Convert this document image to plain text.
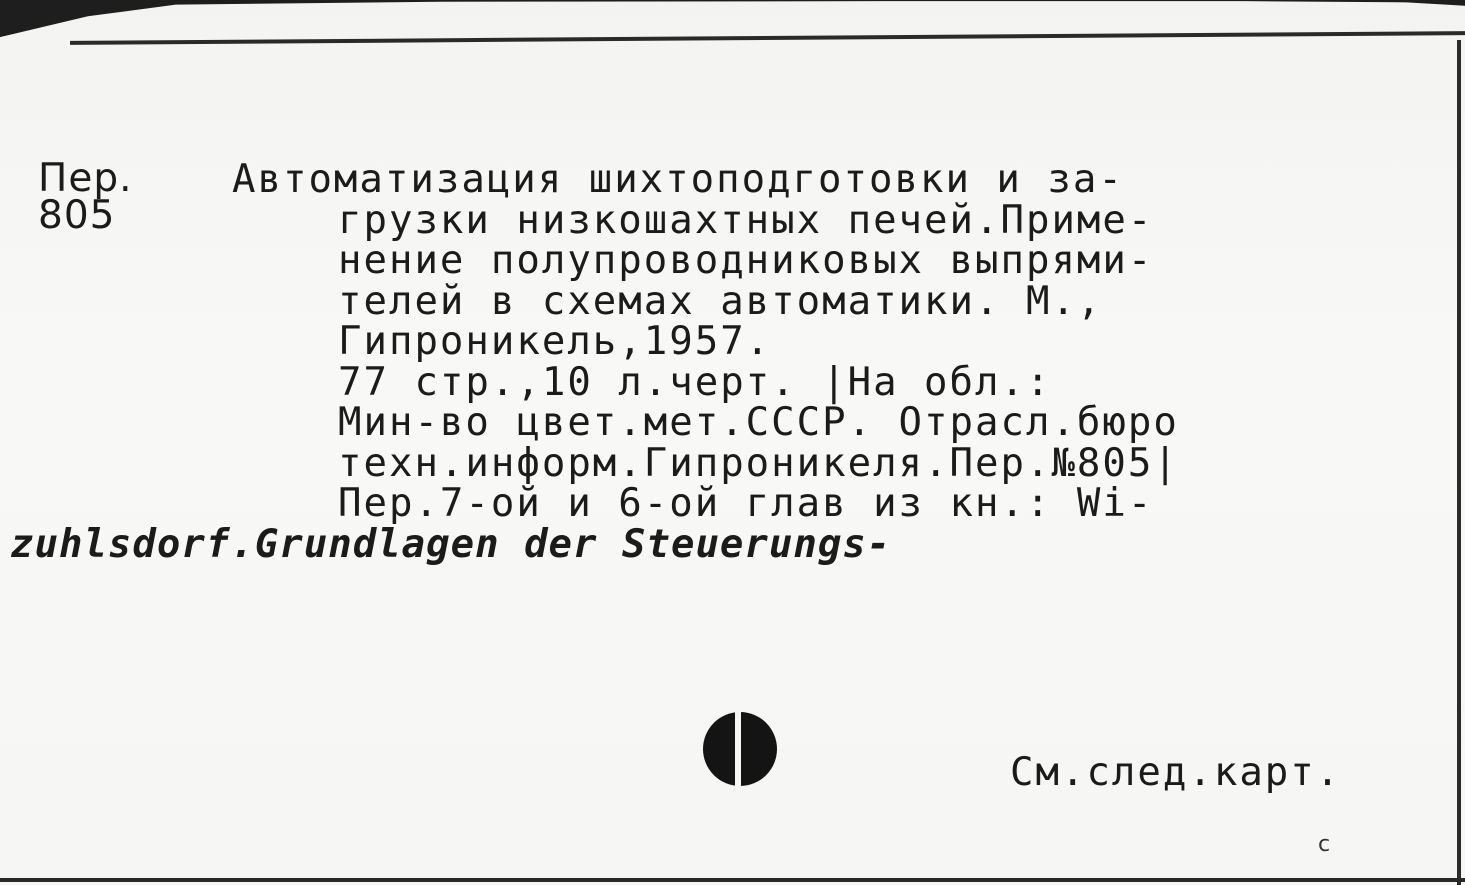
Пер.
805
Автоматизация шихтоподготовки и за-
грузки низкошахтных печей.Приме-
нение полупроводниковых выпрями-
телей в схемах автоматики. М.,
Гипроникель,1957.
77 стр.,10 л.черт. |На обл.:
Мин-во цвет.мет.СССР. Отрасл.бюро
техн.информ.Гипроникеля.Пер.№805|
Пер.7-ой и 6-ой глав из кн.: Wi-
zuhlsdorf.Grundlagen der Steuerungs-
См.след.карт.
c
